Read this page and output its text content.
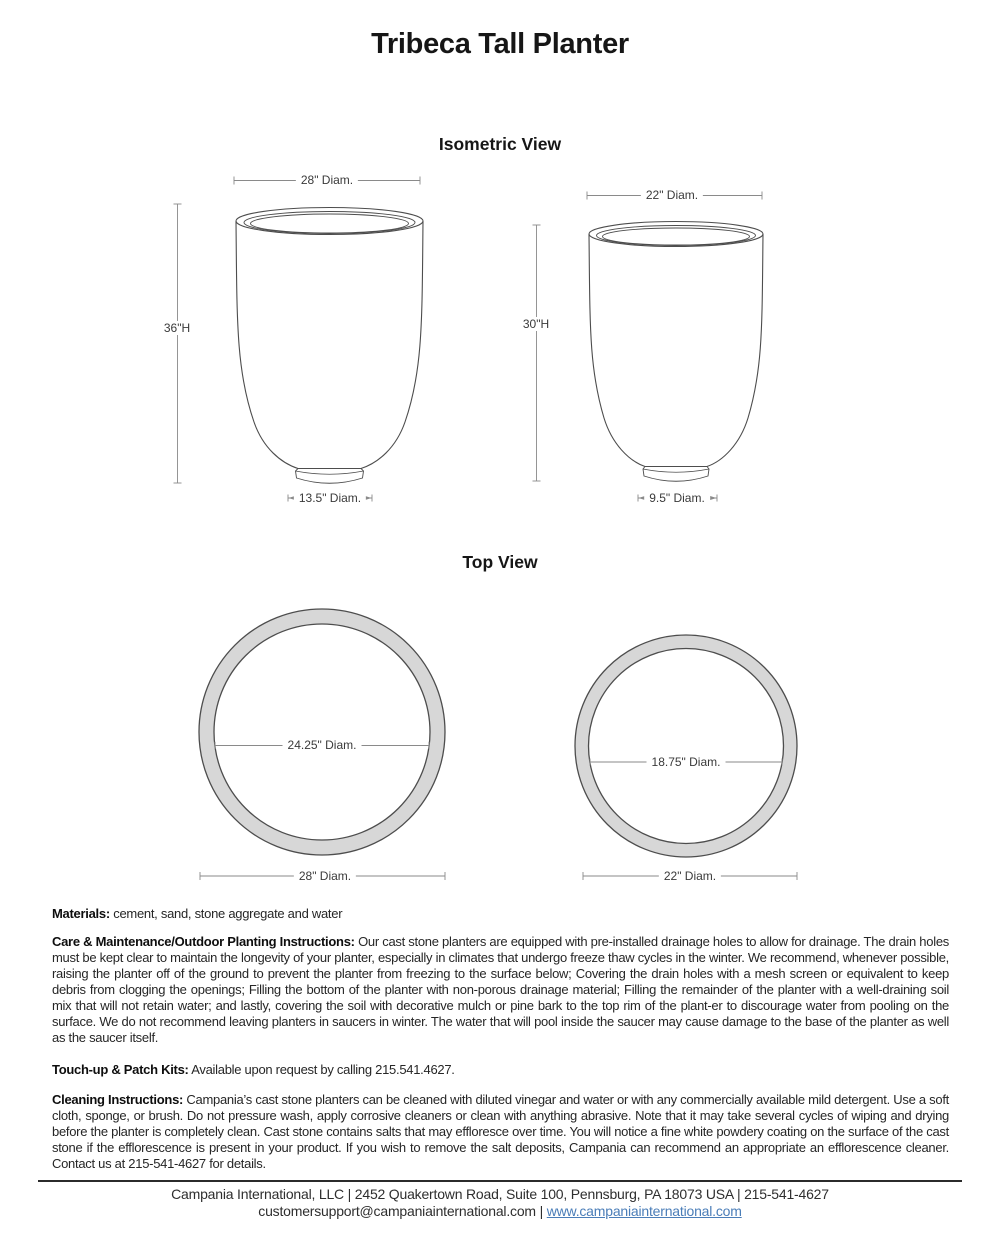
Tribeca Tall Planter
Isometric View
Top View
28" Diam.
36"H
13.5" Diam.
22" Diam.
30"H
9.5" Diam.
24.25" Diam.
28" Diam.
18.75" Diam.
22" Diam.

Materials: cement, sand, stone aggregate and water

Care & Maintenance/Outdoor Planting Instructions: Our cast stone planters are equipped with pre-installed drainage holes to allow for drainage. The drain holes must be kept clear to maintain the longevity of your planter, especially in climates that undergo freeze thaw cycles in the winter. We recommend, whenever possible, raising the planter off of the ground to prevent the planter from freezing to the surface below; Covering the drain holes with a mesh screen or equivalent to keep debris from clogging the openings; Filling the bottom of the planter with non-porous drainage material; Filling the remainder of the planter with a well-draining soil mix that will not retain water; and lastly, covering the soil with decorative mulch or pine bark to the top rim of the plant-er to discourage water from pooling on the surface. We do not recommend leaving planters in saucers in winter. The water that will pool inside the saucer may cause damage to the base of the planter as well as the saucer itself.

Touch-up & Patch Kits: Available upon request by calling 215.541.4627.

Cleaning Instructions: Campania’s cast stone planters can be cleaned with diluted vinegar and water or with any commercially available mild detergent. Use a soft cloth, sponge, or brush. Do not pressure wash, apply corrosive cleaners or clean with anything abrasive. Note that it may take several cycles of wiping and drying before the planter is completely clean. Cast stone contains salts that may effloresce over time. You will notice a fine white powdery coating on the surface of the cast stone if the efflorescence is present in your product. If you wish to remove the salt deposits, Campania can recommend an appropriate an efflorescence cleaner. Contact us at 215-541-4627 for details.

Campania International, LLC | 2452 Quakertown Road, Suite 100, Pennsburg, PA 18073 USA | 215-541-4627
customersupport@campaniainternational.com | www.campaniainternational.com
